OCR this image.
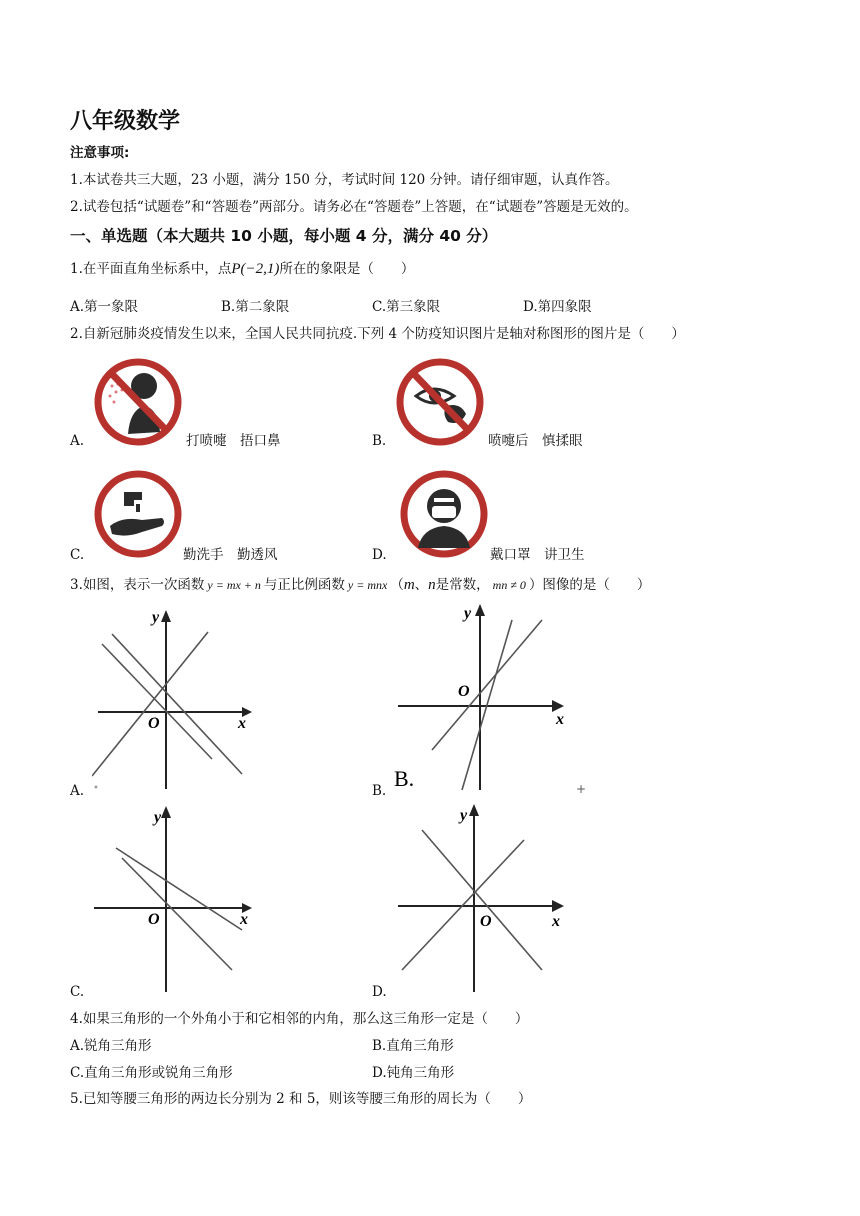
八年级数学
注意事项:
1.本试卷共三大题，23 小题，满分 150 分，考试时间 120 分钟。请仔细审题，认真作答。
2.试卷包括“试题卷”和“答题卷”两部分。请务必在“答题卷”上答题，在“试题卷”答题是无效的。
一、单选题（本大题共 10 小题，每小题 4 分，满分 40 分）
1.在平面直角坐标系中，点P(−2,1)所在的象限是（　　）
A.第一象限	B.第二象限	C.第三象限	D.第四象限
2.自新冠肺炎疫情发生以来，全国人民共同抗疫.下列 4 个防疫知识图片是轴对称图形的图片是（　　）
A.	打喷嚏　捂口鼻	B.	喷嚏后　慎揉眼
C.	勤洗手　勤透风	D.	戴口罩　讲卫生
3.如图，表示一次函数 y = mx + n 与正比例函数 y = mnx （m、n是常数， mn ≠ 0 ）图像的是（　　）
A. •
y
x
O
B.
y
x
O
B.	+
C.
y
x
O
D.
y
x
O
4.如果三角形的一个外角小于和它相邻的内角，那么这三角形一定是（　　）
A.锐角三角形	B.直角三角形
C.直角三角形或锐角三角形	D.钝角三角形
5.已知等腰三角形的两边长分别为 2 和 5，则该等腰三角形的周长为（　　）
